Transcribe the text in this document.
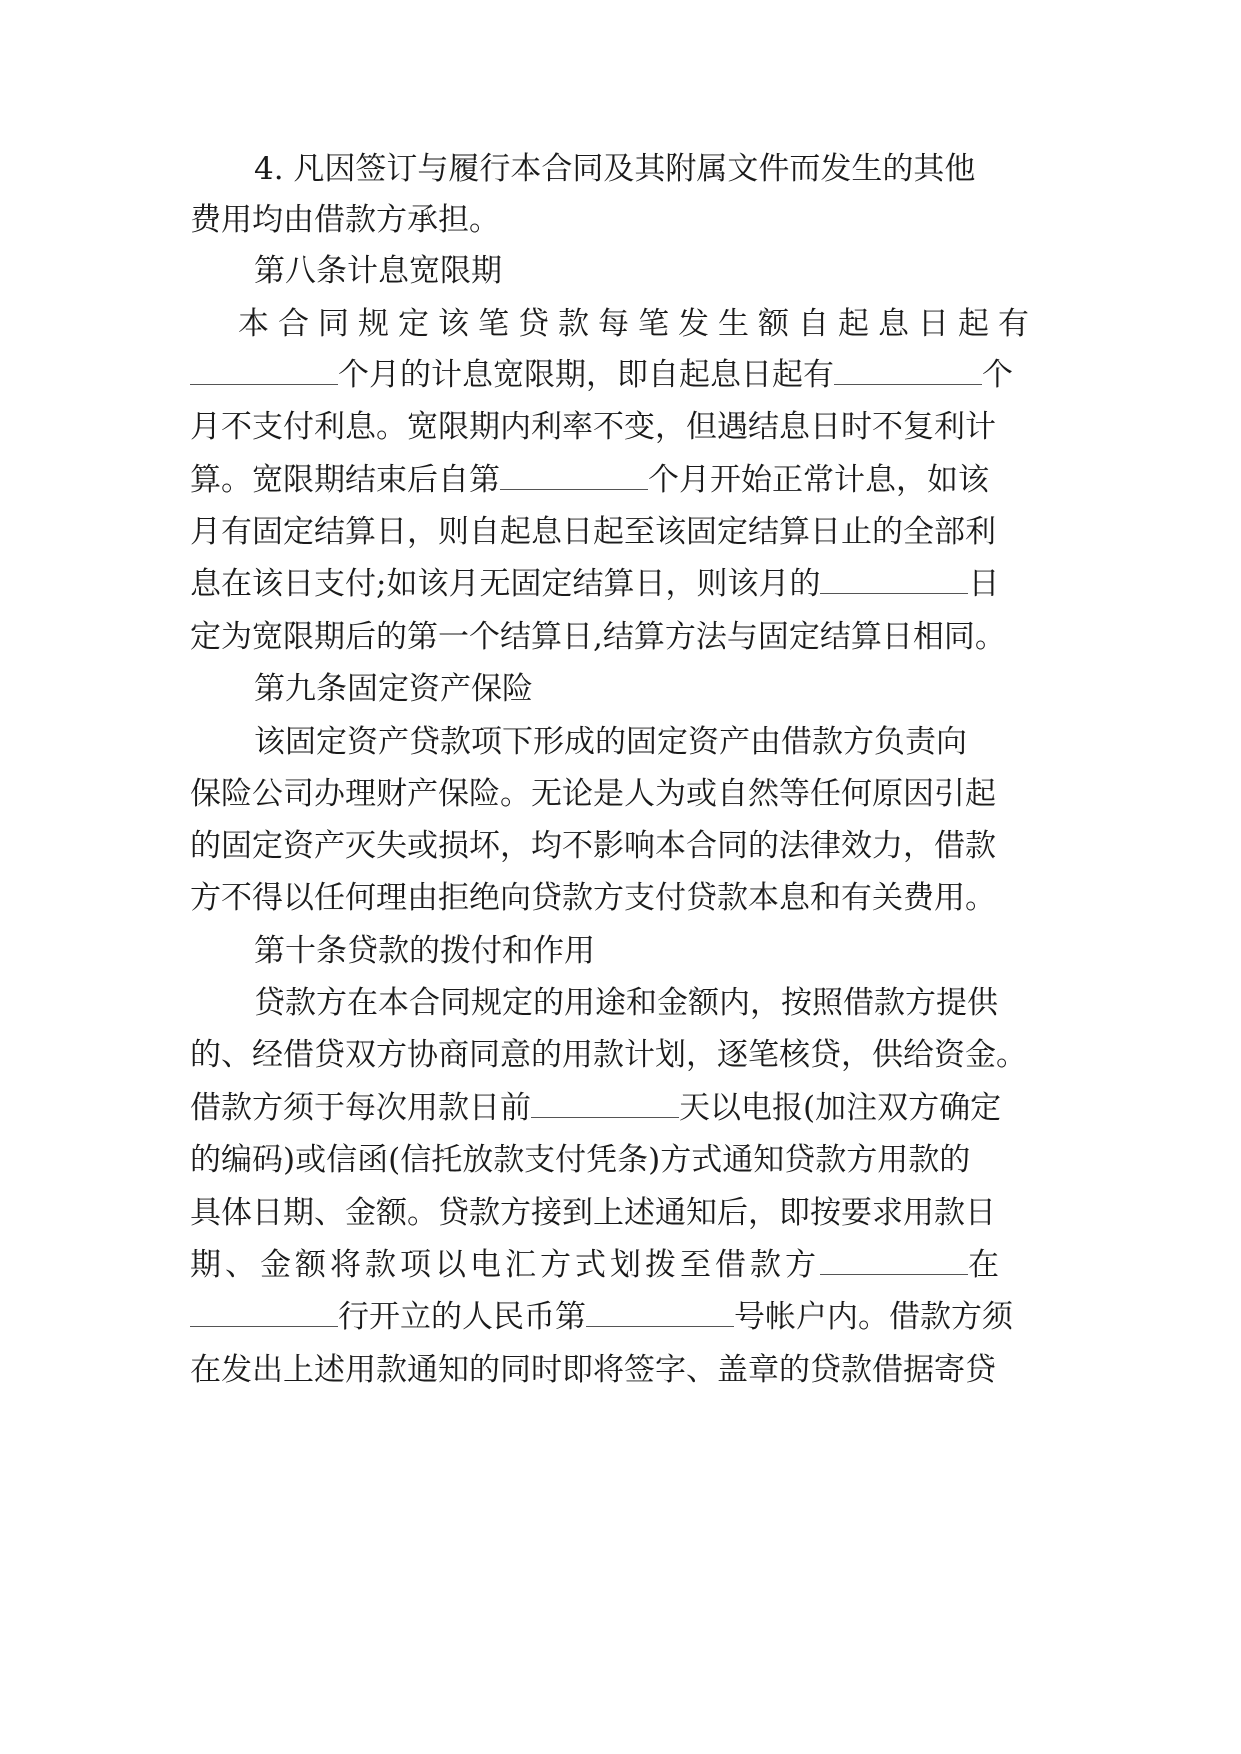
4. 凡因签订与履行本合同及其附属文件而发生的其他
费用均由借款方承担。
第八条计息宽限期
本合同规定该笔贷款每笔发生额自起息日起有
个月的计息宽限期，即自起息日起有	个
月不支付利息。宽限期内利率不变，但遇结息日时不复利计
算。宽限期结束后自第	个月开始正常计息，如该
月有固定结算日，则自起息日起至该固定结算日止的全部利
息在该日支付;如该月无固定结算日，则该月的	日
定为宽限期后的第一个结算日,结算方法与固定结算日相同。
第九条固定资产保险
该固定资产贷款项下形成的固定资产由借款方负责向
保险公司办理财产保险。无论是人为或自然等任何原因引起
的固定资产灭失或损坏，均不影响本合同的法律效力，借款
方不得以任何理由拒绝向贷款方支付贷款本息和有关费用。
第十条贷款的拨付和作用
贷款方在本合同规定的用途和金额内，按照借款方提供
的、经借贷双方协商同意的用款计划，逐笔核贷，供给资金。
借款方须于每次用款日前	天以电报(加注双方确定
的编码)或信函(信托放款支付凭条)方式通知贷款方用款的
具体日期、金额。贷款方接到上述通知后，即按要求用款日
期、金额将款项以电汇方式划拨至借款方	在
行开立的人民币第	号帐户内。借款方须
在发出上述用款通知的同时即将签字、盖章的贷款借据寄贷
